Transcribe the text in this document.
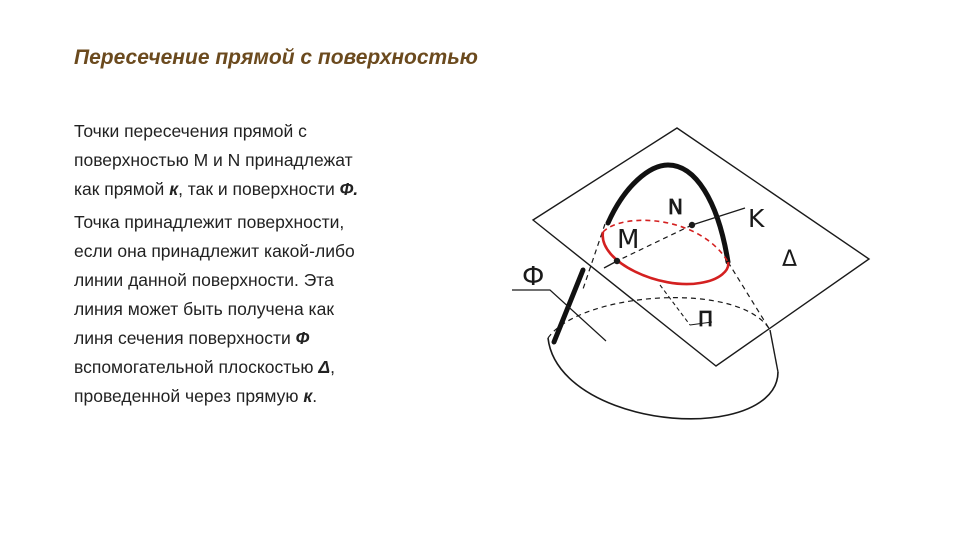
Пересечение прямой с поверхностью

Точки пересечения прямой с
поверхностью M и N принадлежат
как прямой к, так и поверхности Ф.

Точка принадлежит поверхности,
если она принадлежит какой-либо
линии данной поверхности. Эта
линия может быть получена как
линя сечения поверхности Ф
вспомогательной плоскостью Δ,
проведенной через прямую к.

K
M
N
Ф
Δ
П
